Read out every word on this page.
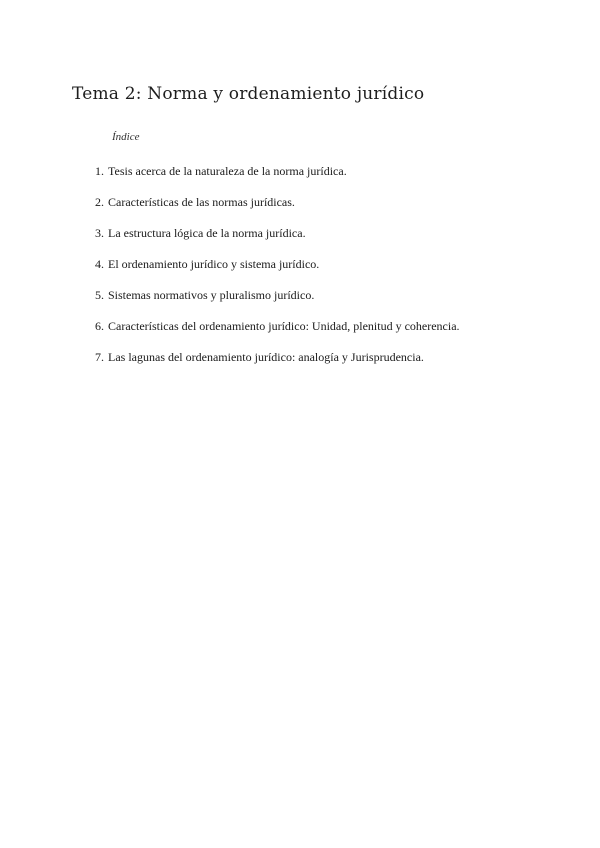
Tema 2: Norma y ordenamiento jurídico

Índice

1. Tesis acerca de la naturaleza de la norma jurídica.
2. Características de las normas jurídicas.
3. La estructura lógica de la norma jurídica.
4. El ordenamiento jurídico y sistema jurídico.
5. Sistemas normativos y pluralismo jurídico.
6. Características del ordenamiento jurídico: Unidad, plenitud y coherencia.
7. Las lagunas del ordenamiento jurídico: analogía y Jurisprudencia.
